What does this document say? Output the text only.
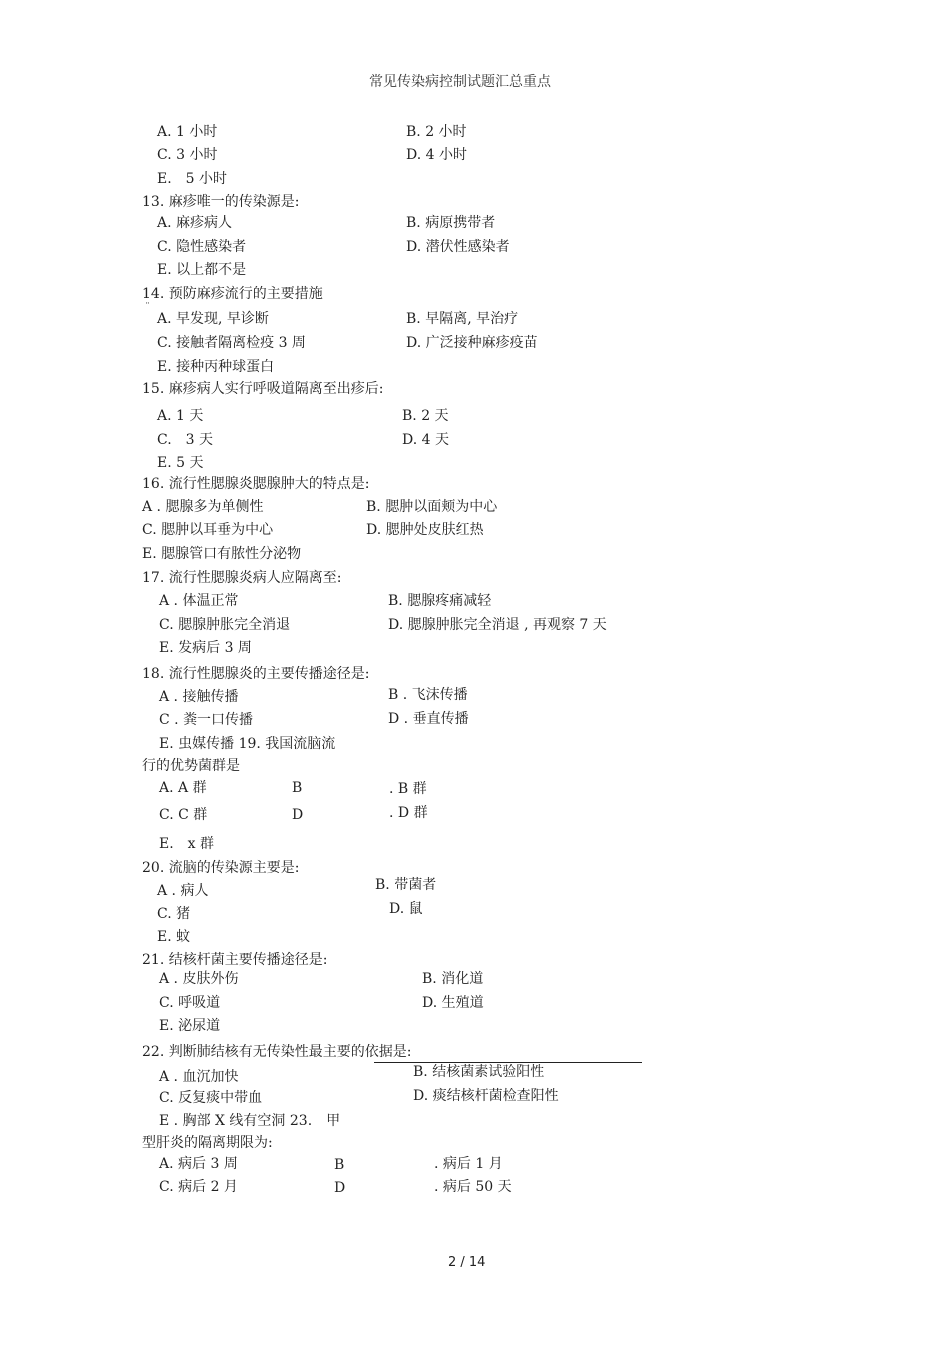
常见传染病控制试题汇总重点
A. 1 小时	B. 2 小时
C. 3 小时	D. 4 小时
E.　5 小时
13. 麻疹唯一的传染源是:
A. 麻疹病人	B. 病原携带者
C. 隐性感染者	D. 潜伏性感染者
E. 以上都不是
14. 预防麻疹流行的主要措施
¨
A. 早发现, 早诊断	B. 早隔离, 早治疗
C. 接触者隔离检疫 3 周	D. 广泛接种麻疹疫苗
E. 接种丙种球蛋白
15. 麻疹病人实行呼吸道隔离至出疹后:
A. 1 天	B. 2 天
C.　3 天	D. 4 天
E. 5 天
16. 流行性腮腺炎腮腺肿大的特点是:
A . 腮腺多为单侧性	B. 腮肿以面颊为中心
C. 腮肿以耳垂为中心	D. 腮肿处皮肤红热
E. 腮腺管口有脓性分泌物
17. 流行性腮腺炎病人应隔离至:
A . 体温正常	B. 腮腺疼痛减轻
C. 腮腺肿胀完全消退	D. 腮腺肿胀完全消退 , 再观察 7 天
E. 发病后 3 周
18. 流行性腮腺炎的主要传播途径是:
A . 接触传播	B . 飞沫传播
C . 粪一口传播	D . 垂直传播
E. 虫媒传播 19. 我国流脑流
行的优势菌群是
A. A 群	B	. B 群
C. C 群	D	. D 群
E.　x 群
20. 流脑的传染源主要是:
A . 病人	B. 带菌者
C. 猪	D. 鼠
E. 蚊
21. 结核杆菌主要传播途径是:
A . 皮肤外伤	B. 消化道
C. 呼吸道	D. 生殖道
E. 泌尿道
22. 判断肺结核有无传染性最主要的依据是:
A . 血沉加快	B. 结核菌素试验阳性
C. 反复痰中带血	D. 痰结核杆菌检查阳性
E . 胸部 X 线有空洞 23.　甲
型肝炎的隔离期限为:
A. 病后 3 周	B	. 病后 1 月
C. 病后 2 月	D	. 病后 50 天
2 / 14
